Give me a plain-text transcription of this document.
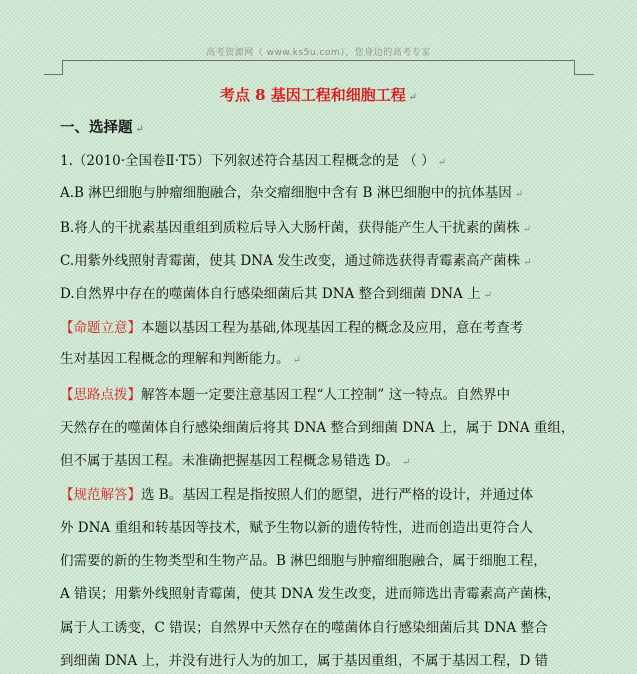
高考资源网（ www.ks5u.com），您身边的高考专家
考点 8 基因工程和细胞工程 ↵
一、选择题 ↵
1.（2010·全国卷Ⅱ·T5）下列叙述符合基因工程概念的是 （ ） ↵
A.B 淋巴细胞与肿瘤细胞融合，杂交瘤细胞中含有 B 淋巴细胞中的抗体基因 ↵
B.将人的干扰素基因重组到质粒后导入大肠杆菌，获得能产生人干扰素的菌株 ↵
C.用紫外线照射青霉菌，使其 DNA 发生改变，通过筛选获得青霉素高产菌株 ↵
D.自然界中存在的噬菌体自行感染细菌后其 DNA 整合到细菌 DNA 上 ↵
【命题立意】本题以基因工程为基础,体现基因工程的概念及应用，意在考查考
生对基因工程概念的理解和判断能力。 ↵
【思路点拨】解答本题一定要注意基因工程“人工控制” 这一特点。自然界中
天然存在的噬菌体自行感染细菌后将其 DNA 整合到细菌 DNA 上，属于 DNA 重组，
但不属于基因工程。未准确把握基因工程概念易错选 D。 ↵
【规范解答】选 B。基因工程是指按照人们的愿望，进行严格的设计，并通过体
外 DNA 重组和转基因等技术，赋予生物以新的遗传特性，进而创造出更符合人
们需要的新的生物类型和生物产品。B 淋巴细胞与肿瘤细胞融合，属于细胞工程，
A 错误；用紫外线照射青霉菌，使其 DNA 发生改变，进而筛选出青霉素高产菌株，
属于人工诱变，C 错误；自然界中天然存在的噬菌体自行感染细菌后其 DNA 整合
到细菌 DNA 上，并没有进行人为的加工，属于基因重组，不属于基因工程，D 错
